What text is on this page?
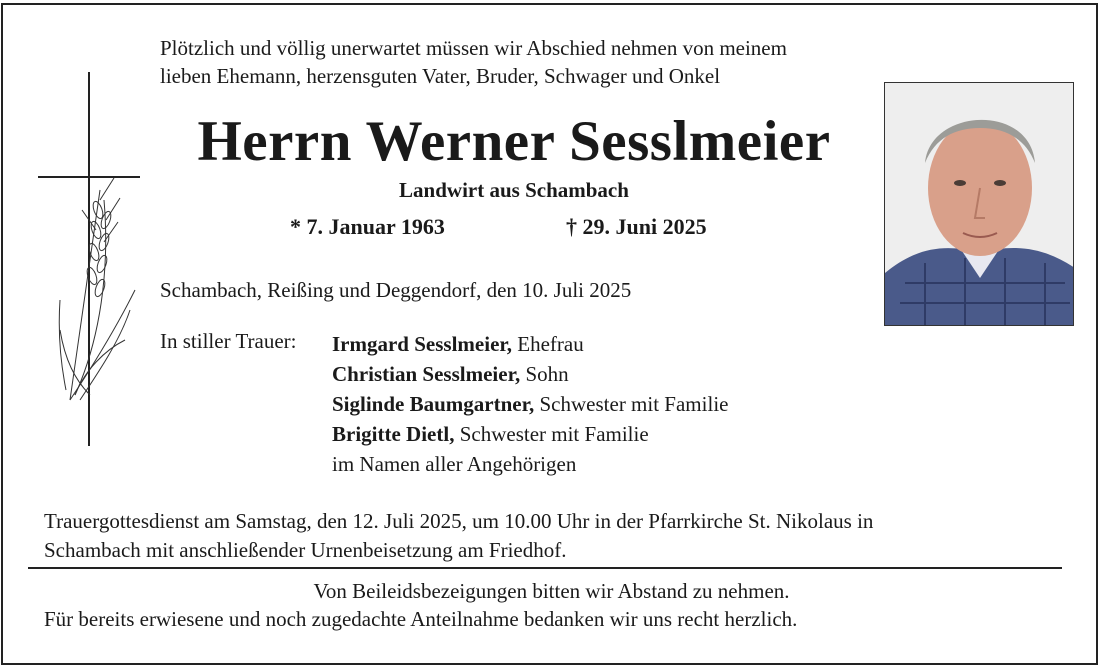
Plötzlich und völlig unerwartet müssen wir Abschied nehmen von meinem
lieben Ehemann, herzensguten Vater, Bruder, Schwager und Onkel
Herrn Werner Sesslmeier
Landwirt aus Schambach
* 7. Januar 1963	† 29. Juni 2025
Schambach, Reißing und Deggendorf, den 10. Juli 2025
In stiller Trauer: Irmgard Sesslmeier, Ehefrau
Christian Sesslmeier, Sohn
Siglinde Baumgartner, Schwester mit Familie
Brigitte Dietl, Schwester mit Familie
im Namen aller Angehörigen
Trauergottesdienst am Samstag, den 12. Juli 2025, um 10.00 Uhr in der Pfarrkirche St. Nikolaus in
Schambach mit anschließender Urnenbeisetzung am Friedhof.
Von Beileidsbezeigungen bitten wir Abstand zu nehmen.
Für bereits erwiesene und noch zugedachte Anteilnahme bedanken wir uns recht herzlich.
